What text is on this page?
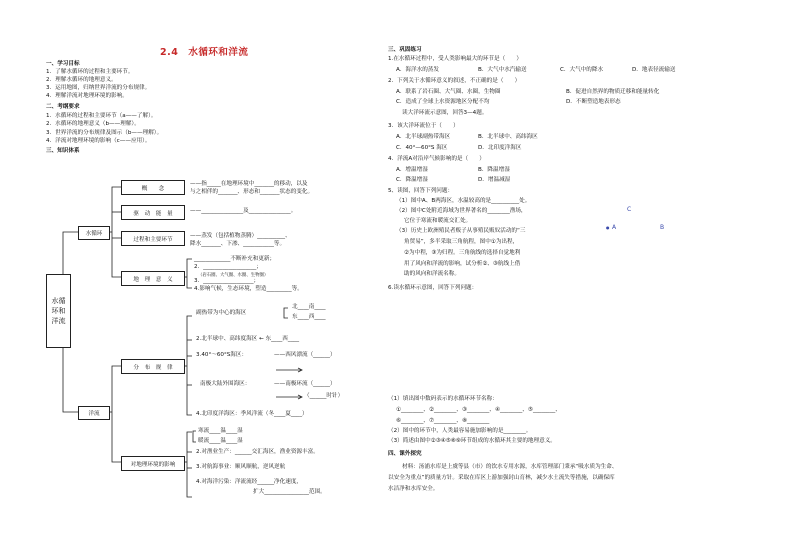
2.4　水循环和洋流
一、学习目标
1．了解水循环的过程和主要环节。
2．理解水循环的地理意义。
3．运用地图，归纳世界洋流的分布规律。
4．理解洋流对地理环境的影响。
二、考纲要求
1．水循环的过程和主要环节（a——了解）。
2．水循环的地理意义（b——理解）。
3．世界洋流的分布规律及图示（b——理解）。
4．洋流对地理环境的影响（c——应用）。
三、知识体系
水循环和洋流
水循环
洋流
概　　念
驱　动　能　量
过程和主要环节
地　理　意　义
分　布　规　律
对地理环境的影响
——指_____在地理环境中_______的移动，以及
与之相伴的_______、形态和_______状态的变化。
——_______________及_______________。
——蒸发（包括植物蒸腾）__________、
降水_______、下渗、___________等。
_____________不断补充和更新；
2．___________________；
（岩石圈、大气圈、水圈、生物圈）
3．__________________；
4.影响气候，生态环境，塑造_________等。
副热带为中心的海区
北____南____
东____西____
2.北半球中、高纬度海区 ← 东____西____
3.40°～60°S海区：	——西风漂流（______）
南极大陆外围海区：	——南极环流（______）
（______时针）
4.北印度洋海区：季风洋流（冬____夏____）
寒流____温____湿
暖流____温____湿
2.对渔业生产：______交汇海区，渔业资源丰富。
3.对航海事业：顺风顺航，逆风逆航
4.对海洋污染：洋流流经______净化速度，
扩大________________范围。
三、巩固练习
1.在水循环过程中，受人类影响最大的环节是（　　）
A．海洋水的蒸发	B．大气中水汽输送	C．大气中的降水	D．地表径流输送
2．下列关于水循环意义的叙述，不正确的是（　　）
A．联系了岩石圈、大气圈、水圈，生物圈	B．促进自然界的物质迁移和能量转化
C．造成了全球上水资源地区分配不均	D．不断塑造地表形态
读大洋环流示意图，回答3—4题。
3．该大洋环流位于（　　）
A．北半球副热带海区	B．北半球中、高纬海区
C．40°—60°S 海区	D．北印度洋海区
4．洋流A对沿岸气候影响的是（　　）
A．增温增湿	B．降温增湿
C．降温增湿	D．增温减湿
5、读图，回答下列问题：
（1）图中A、B两海区，水温较高的是__________处。
（2）图中C处附近海域为世界著名的________渔场，
它位于寒流和暖流交汇处。
（3）历史上欧洲殖民者贩子从事殖民贩奴活动的“三
角贸易”，多半采取三角航程，图中①为出程，
②为中程，③为归程。三角航线的选择自觉地利
用了风向和洋流的影响，试分析②、③航线上借
助的风向和洋流名称。
C
● A	B
6.读水循环示意图，回答下列问题：
（1）填出图中数码表示的水循环环节名称：
①________、②________、③________、④________、⑤________、
⑥________、⑦________、⑧________
（2）图中的环节中，人类最容易施加影响的是________。
（3）简述由图中②③④⑤⑧⑨环节组成的水循环其主要的地理意义。
四、课外探究
材料：汤浦水库是上虞等县（市）的饮水专用水源，水库管理部门秉承“吸水质为生命、
以安全为重点”的质量方针。采取在库区上游加强封山育林，减少水土流失等措施，以确保库
水洁净和水库安全。
